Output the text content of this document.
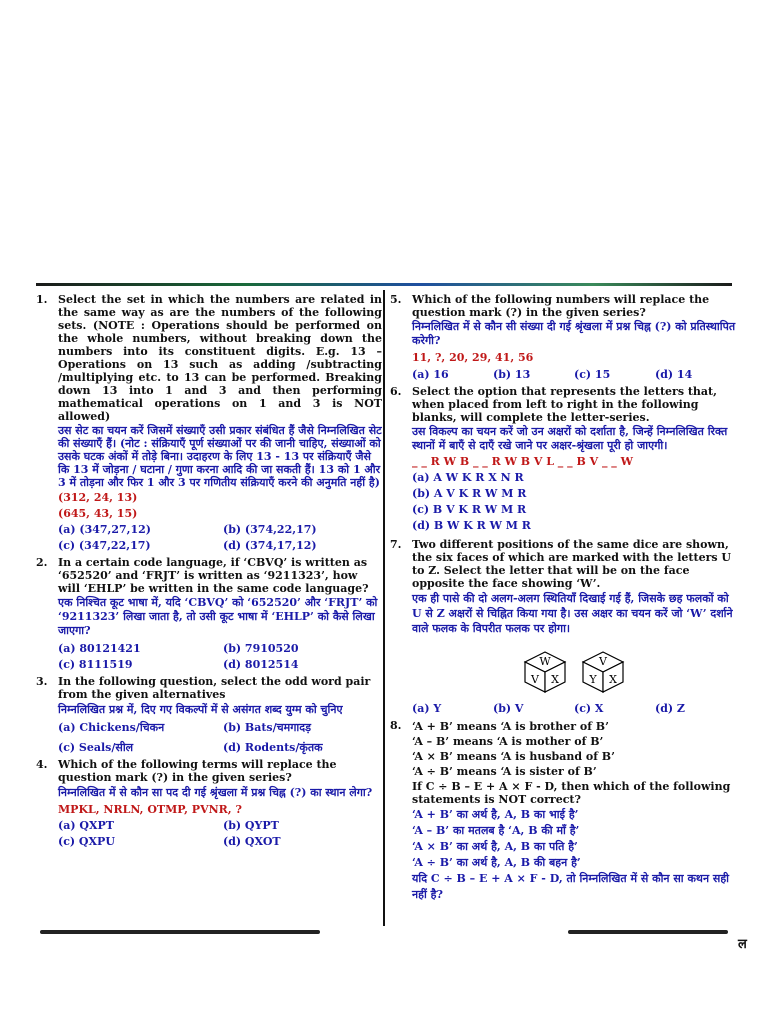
1. Select the set in which the numbers are related in the same way as are the numbers of the following sets. (NOTE : Operations should be performed on the whole numbers, without breaking down the numbers into its constituent digits. E.g. 13 – Operations on 13 such as adding /subtracting /multiplying etc. to 13 can be performed. Breaking down 13 into 1 and 3 and then performing mathematical operations on 1 and 3 is NOT allowed)
उस सेट का चयन करें जिसमें संख्याएँ उसी प्रकार संबंधित हैं जैसे निम्नलिखित सेट की संख्याएँ हैं। (नोट : संक्रियाएँ पूर्ण संख्याओं पर की जानी चाहिए, संख्याओं को उसके घटक अंकों में तोड़े बिना। उदाहरण के लिए 13 - 13 पर संक्रियाएँ जैसे कि 13 में जोड़ना / घटाना / गुणा करना आदि की जा सकती हैं। 13 को 1 और 3 में तोड़ना और फिर 1 और 3 पर गणितीय संक्रियाएँ करने की अनुमति नहीं है)
(312, 24, 13)
(645, 43, 15)
(a) (347,27,12)	(b) (374,22,17)
(c) (347,22,17)	(d) (374,17,12)
2. In a certain code language, if ‘CBVQ’ is written as ‘652520’ and ‘FRJT’ is written as ‘9211323’, how will ‘EHLP’ be written in the same code language?
एक निश्चित कूट भाषा में, यदि ‘CBVQ’ को ‘652520’ और ‘FRJT’ को ‘9211323’ लिखा जाता है, तो उसी कूट भाषा में ‘EHLP’ को कैसे लिखा जाएगा?
(a) 80121421	(b) 7910520
(c) 8111519	(d) 8012514
3. In the following question, select the odd word pair from the given alternatives
निम्नलिखित प्रश्न में, दिए गए विकल्पों में से असंगत शब्द युग्म को चुनिए
(a) Chickens/चिकन	(b) Bats/चमगादड़
(c) Seals/सील	(d) Rodents/कृंतक
4. Which of the following terms will replace the question mark (?) in the given series?
निम्नलिखित में से कौन सा पद दी गई श्रृंखला में प्रश्न चिह्न (?) का स्थान लेगा?
MPKL, NRLN, OTMP, PVNR, ?
(a) QXPT	(b) QYPT
(c) QXPU	(d) QXOT
5. Which of the following numbers will replace the question mark (?) in the given series?
निम्नलिखित में से कौन सी संख्या दी गई श्रृंखला में प्रश्न चिह्न (?) को प्रतिस्थापित करेगी?
11, ?, 20, 29, 41, 56
(a) 16	(b) 13	(c) 15	(d) 14
6. Select the option that represents the letters that, when placed from left to right in the following blanks, will complete the letter-series.
उस विकल्प का चयन करें जो उन अक्षरों को दर्शाता है, जिन्हें निम्नलिखित रिक्त स्थानों में बाएँ से दाएँ रखे जाने पर अक्षर-श्रृंखला पूरी हो जाएगी।
_ _ R W B _ _ R W B V L _ _ B V _ _ W
(a) A W K R X N R
(b) A V K R W M R
(c) B V K R W M R
(d) B W K R W M R
7. Two different positions of the same dice are shown, the six faces of which are marked with the letters U to Z. Select the letter that will be on the face opposite the face showing ‘W’.
एक ही पासे की दो अलग-अलग स्थितियाँ दिखाई गई हैं, जिसके छह फलकों को U से Z अक्षरों से चिह्नित किया गया है। उस अक्षर का चयन करें जो ‘W’ दर्शाने वाले फलक के विपरीत फलक पर होगा।
W
V X
V
Y X
(a) Y	(b) V	(c) X	(d) Z
8. ‘A + B’ means ‘A is brother of B’
‘A – B’ means ‘A is mother of B’
‘A × B’ means ‘A is husband of B’
‘A ÷ B’ means ‘A is sister of B’
If C ÷ B – E + A × F - D, then which of the following statements is NOT correct?
‘A + B’ का अर्थ है, A, B का भाई है’
‘A – B’ का मतलब है ‘A, B की माँ है’
‘A × B’ का अर्थ है, A, B का पति है’
‘A ÷ B’ का अर्थ है, A, B की बहन है’
यदि C ÷ B – E + A × F - D, तो निम्नलिखित में से कौन सा कथन सही नहीं है?
ल
